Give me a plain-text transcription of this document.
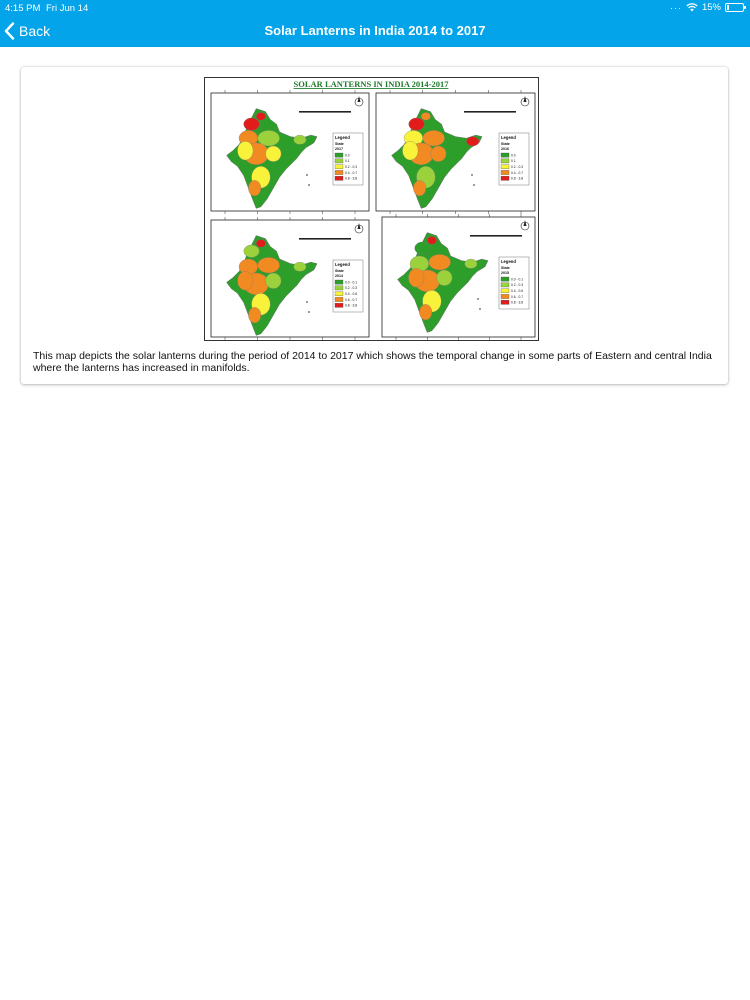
4:15 PM Fri Jun 14	··· 15%
Back	Solar Lanterns in India 2014 to 2017
SOLAR LANTERNS IN INDIA 2014-2017
Legend
State
2017
0.0
0.1
0.2 - 0.3
0.4 - 0.7
0.8 - 3.8
Legend
State
2016
0.0
0.1
0.2 - 0.3
0.4 - 0.7
0.8 - 3.8
Legend
State
2014
0.0 - 0.1
0.2 - 0.3
0.4 - 0.6
0.6 - 0.7
0.8 - 3.8
Legend
State
2015
0.0 - 0.1
0.2 - 0.3
0.4 - 0.6
0.6 - 0.7
0.8 - 3.8
This map depicts the solar lanterns during the period of 2014 to 2017 which shows the temporal change in some parts of Eastern and central India where the lanterns has increased in manifolds.
